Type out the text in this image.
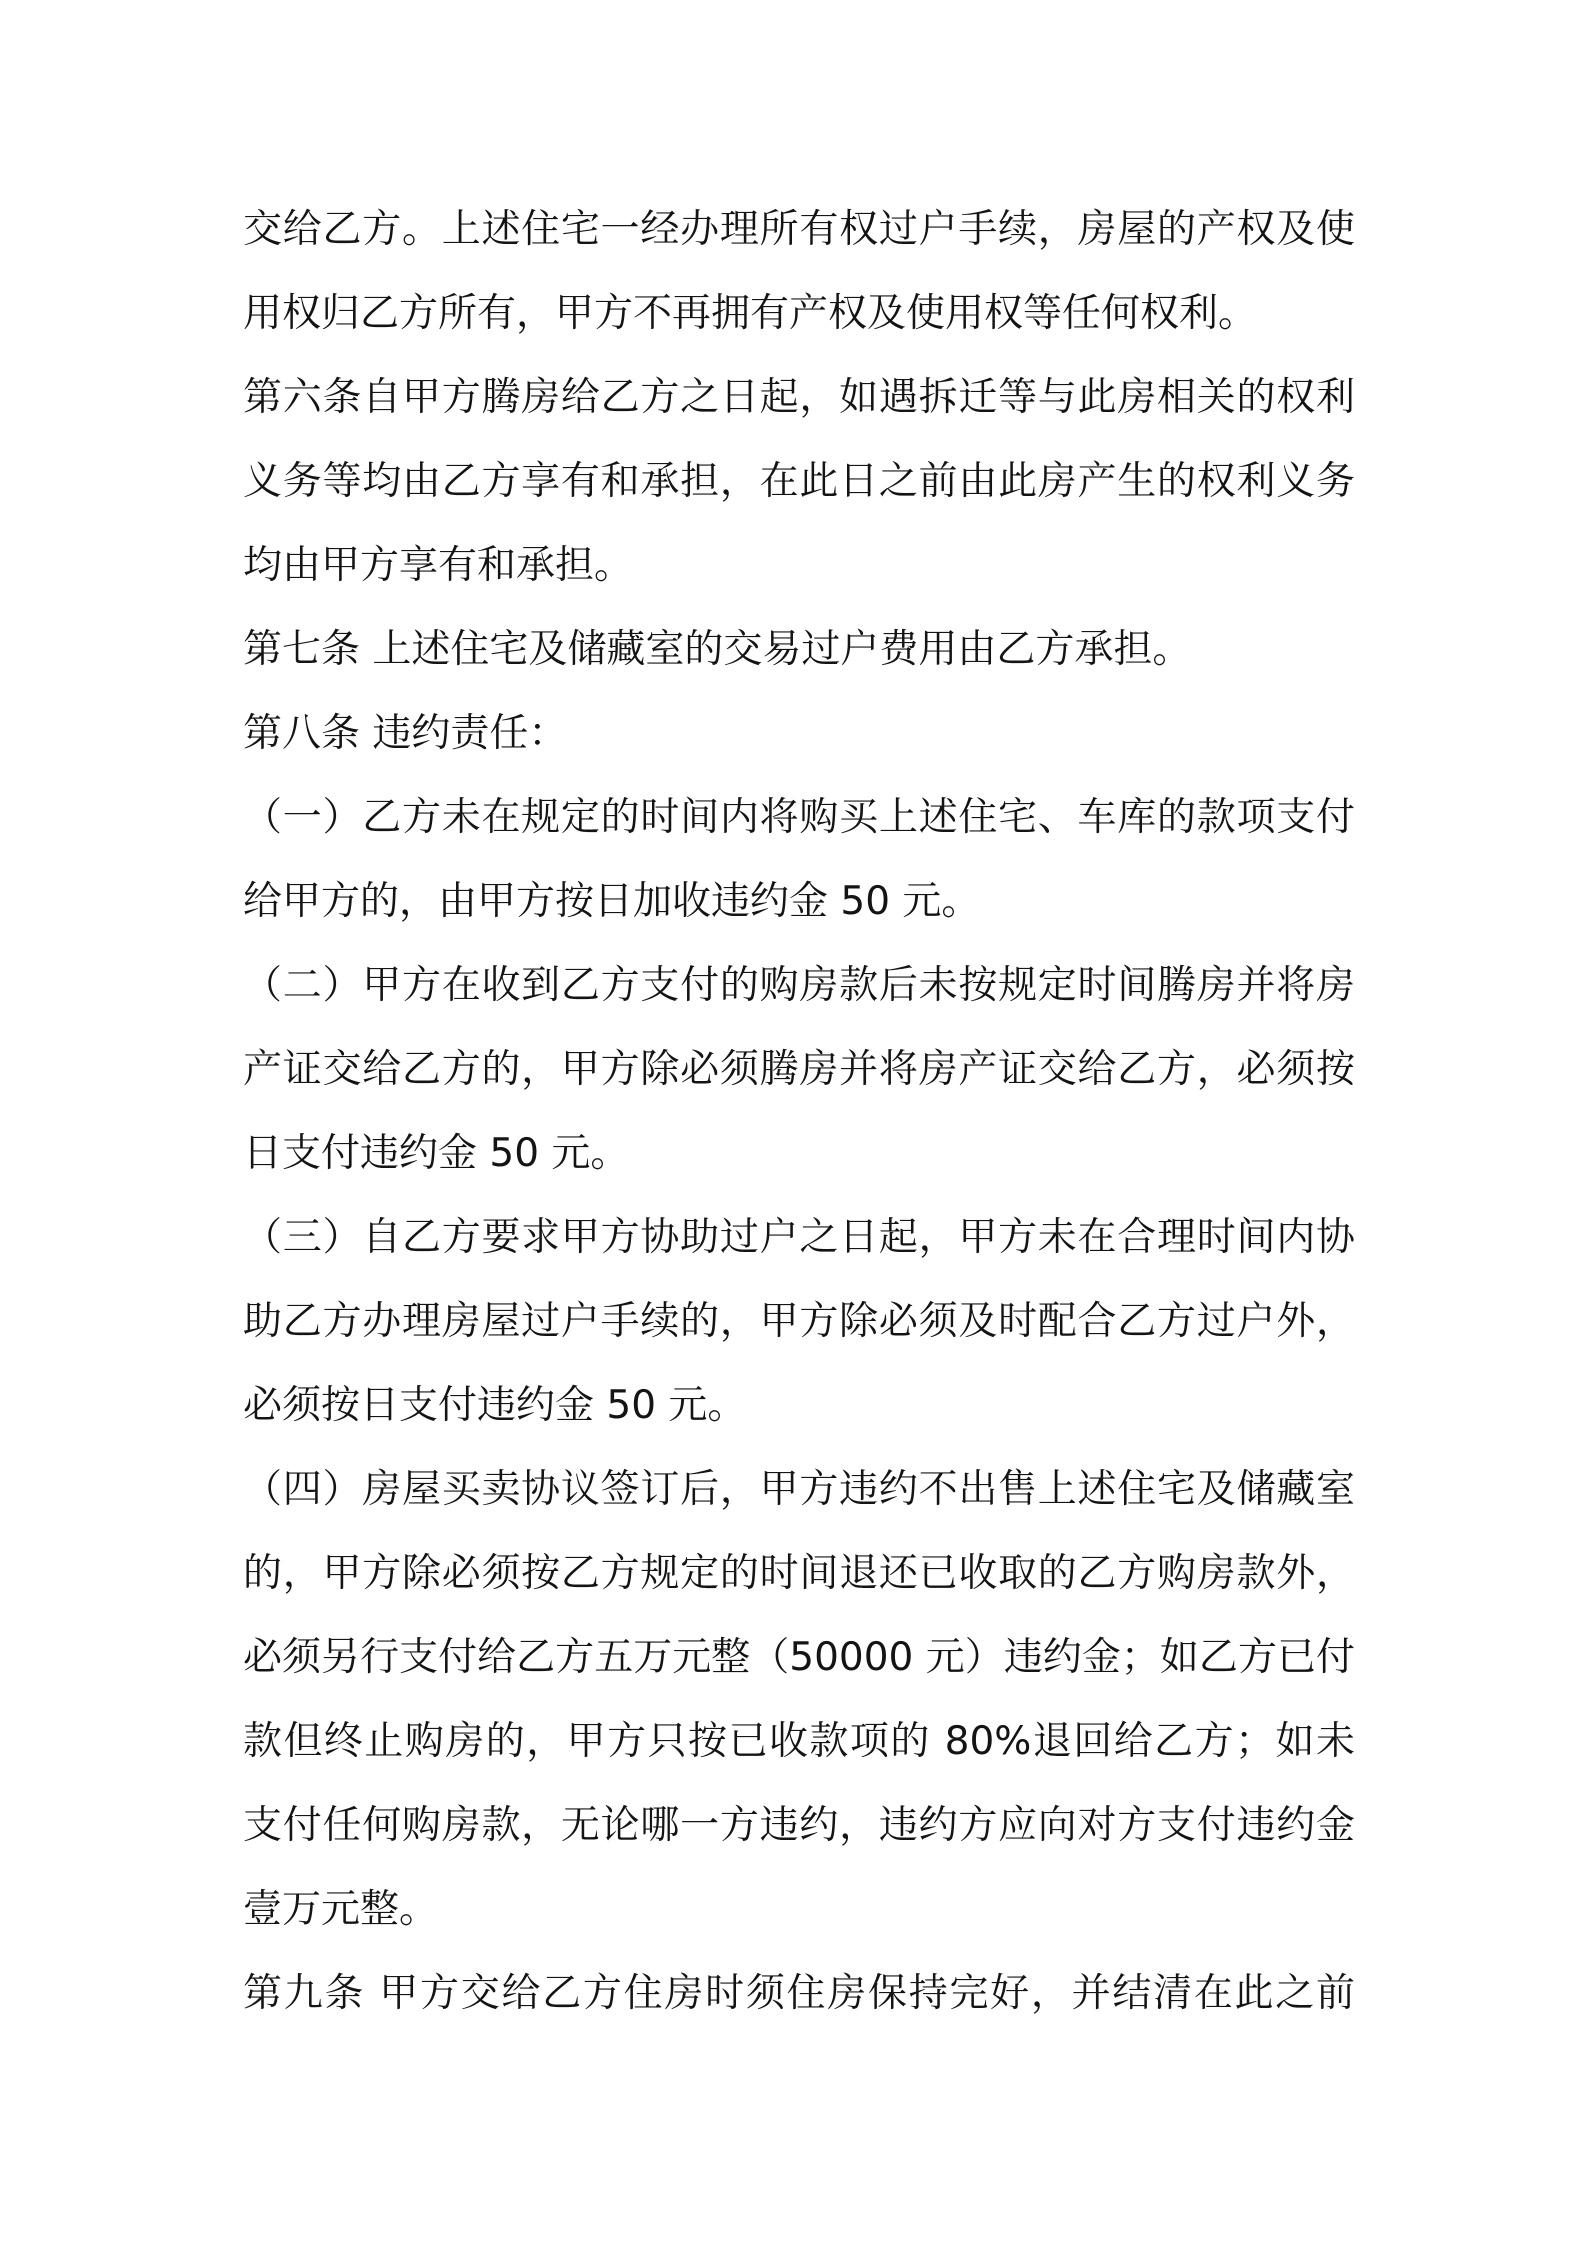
交给乙方。上述住宅一经办理所有权过户手续，房屋的产权及使
用权归乙方所有，甲方不再拥有产权及使用权等任何权利。
第六条自甲方腾房给乙方之日起，如遇拆迁等与此房相关的权利
义务等均由乙方享有和承担，在此日之前由此房产生的权利义务
均由甲方享有和承担。
第七条 上述住宅及储藏室的交易过户费用由乙方承担。
第八条 违约责任：
（一）乙方未在规定的时间内将购买上述住宅、车库的款项支付
给甲方的，由甲方按日加收违约金 50 元。
（二）甲方在收到乙方支付的购房款后未按规定时间腾房并将房
产证交给乙方的，甲方除必须腾房并将房产证交给乙方，必须按
日支付违约金 50 元。
（三）自乙方要求甲方协助过户之日起，甲方未在合理时间内协
助乙方办理房屋过户手续的，甲方除必须及时配合乙方过户外，
必须按日支付违约金 50 元。
（四）房屋买卖协议签订后，甲方违约不出售上述住宅及储藏室
的，甲方除必须按乙方规定的时间退还已收取的乙方购房款外，
必须另行支付给乙方五万元整（50000 元）违约金；如乙方已付
款但终止购房的，甲方只按已收款项的 80%退回给乙方；如未
支付任何购房款，无论哪一方违约，违约方应向对方支付违约金
壹万元整。
第九条 甲方交给乙方住房时须住房保持完好，并结清在此之前
